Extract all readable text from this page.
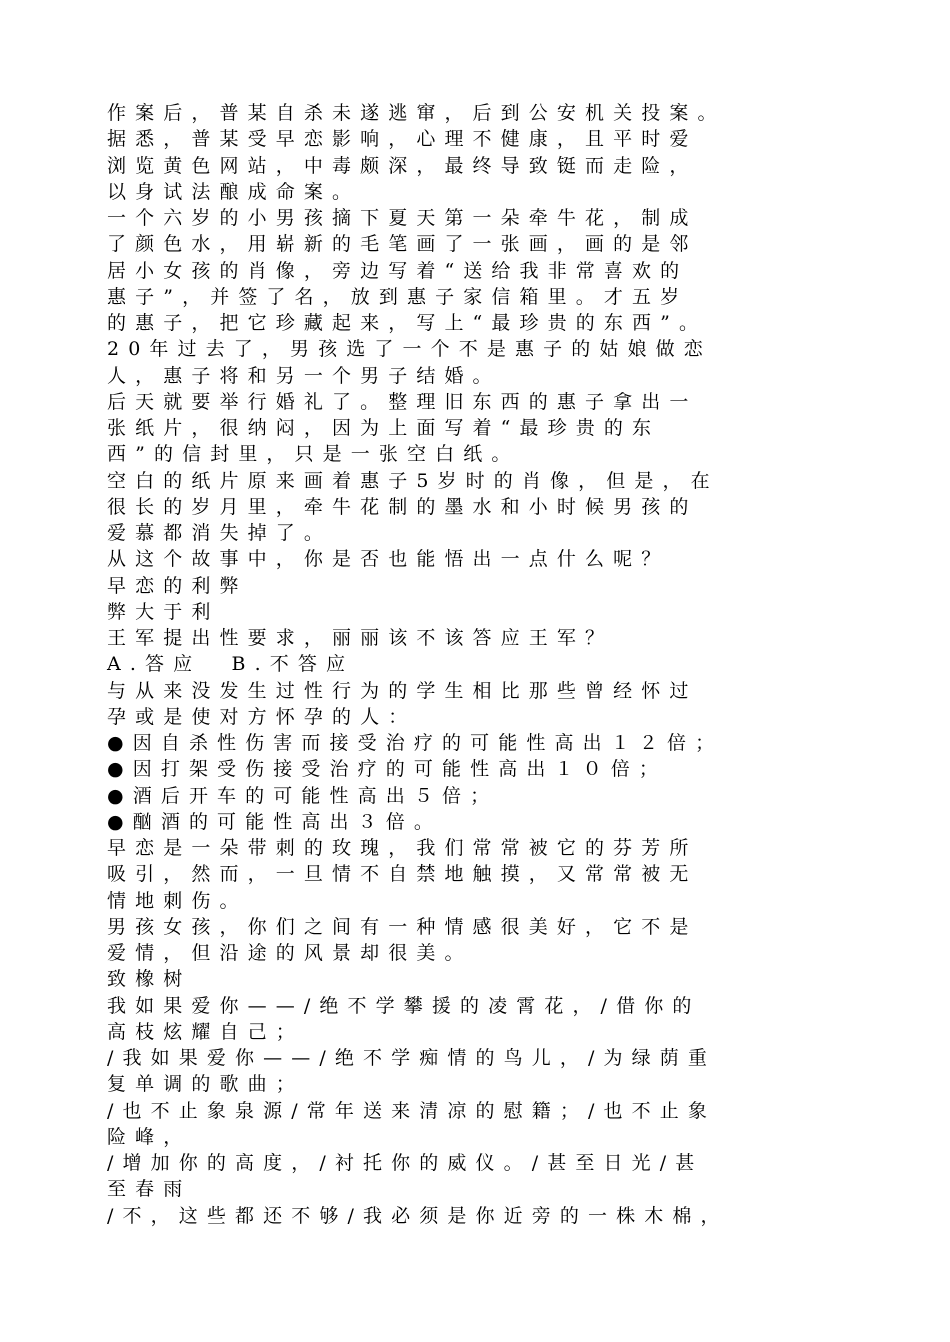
作案后，普某自杀未遂逃窜，后到公安机关投案。
据悉，普某受早恋影响，心理不健康，且平时爱
浏览黄色网站，中毒颇深，最终导致铤而走险，
以身试法酿成命案。
一个六岁的小男孩摘下夏天第一朵牵牛花，制成
了颜色水，用崭新的毛笔画了一张画，画的是邻
居小女孩的肖像，旁边写着“送给我非常喜欢的
惠子”，并签了名，放到惠子家信箱里。才五岁
的惠子，把它珍藏起来，写上“最珍贵的东西”。
20年过去了，男孩选了一个不是惠子的姑娘做恋
人，惠子将和另一个男子结婚。
后天就要举行婚礼了。整理旧东西的惠子拿出一
张纸片，很纳闷，因为上面写着“最珍贵的东
西”的信封里，只是一张空白纸。
空白的纸片原来画着惠子5岁时的肖像，但是，在
很长的岁月里，牵牛花制的墨水和小时候男孩的
爱慕都消失掉了。
从这个故事中，你是否也能悟出一点什么呢？
早恋的利弊
弊大于利
王军提出性要求，丽丽该不该答应王军？
A.答应  B.不答应
与从来没发生过性行为的学生相比那些曾经怀过
孕或是使对方怀孕的人：
●因自杀性伤害而接受治疗的可能性高出１２倍；
●因打架受伤接受治疗的可能性高出１０倍；
●酒后开车的可能性高出５倍；
●酗酒的可能性高出３倍。
早恋是一朵带刺的玫瑰，我们常常被它的芬芳所
吸引，然而，一旦情不自禁地触摸，又常常被无
情地刺伤。
男孩女孩，你们之间有一种情感很美好，它不是
爱情，但沿途的风景却很美。
致橡树
我如果爱你——/绝不学攀援的凌霄花，/借你的
高枝炫耀自己；
/我如果爱你——/绝不学痴情的鸟儿，/为绿荫重
复单调的歌曲；
/也不止象泉源/常年送来清凉的慰籍；/也不止象
险峰，
/增加你的高度，/衬托你的威仪。/甚至日光/甚
至春雨
/不，这些都还不够/我必须是你近旁的一株木棉，
